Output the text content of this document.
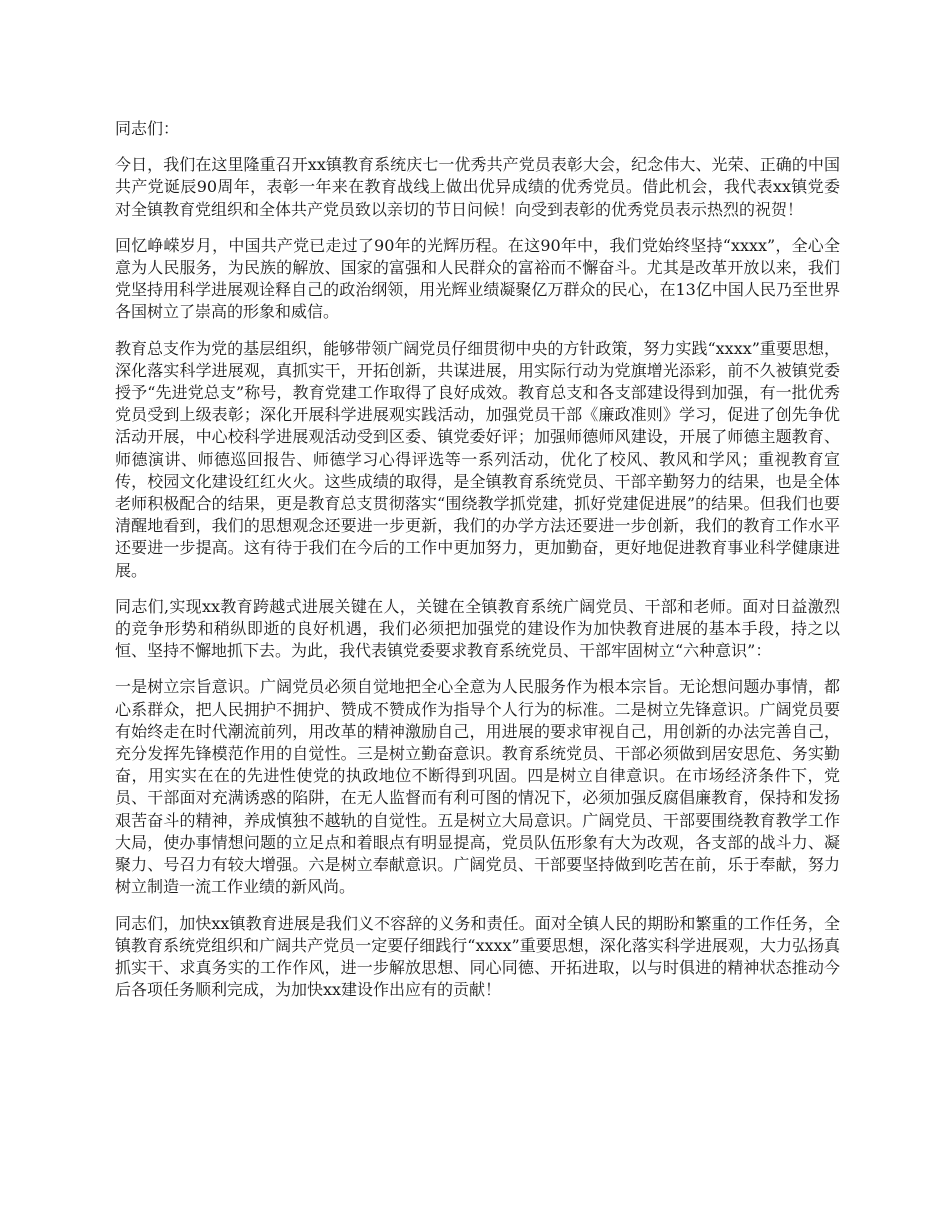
同志们：

今日，我们在这里隆重召开xx镇教育系统庆七一优秀共产党员表彰大会，纪念伟大、光荣、正确的中国共产党诞辰90周年，表彰一年来在教育战线上做出优异成绩的优秀党员。借此机会，我代表xx镇党委对全镇教育党组织和全体共产党员致以亲切的节日问候！向受到表彰的优秀党员表示热烈的祝贺！

回忆峥嵘岁月，中国共产党已走过了90年的光辉历程。在这90年中，我们党始终坚持“xxxx”，全心全意为人民服务，为民族的解放、国家的富强和人民群众的富裕而不懈奋斗。尤其是改革开放以来，我们党坚持用科学进展观诠释自己的政治纲领，用光辉业绩凝聚亿万群众的民心，在13亿中国人民乃至世界各国树立了崇高的形象和威信。

教育总支作为党的基层组织，能够带领广阔党员仔细贯彻中央的方针政策，努力实践“xxxx”重要思想，深化落实科学进展观，真抓实干，开拓创新，共谋进展，用实际行动为党旗增光添彩，前不久被镇党委授予“先进党总支”称号，教育党建工作取得了良好成效。教育总支和各支部建设得到加强，有一批优秀党员受到上级表彰；深化开展科学进展观实践活动，加强党员干部《廉政准则》学习，促进了创先争优活动开展，中心校科学进展观活动受到区委、镇党委好评；加强师德师风建设，开展了师德主题教育、师德演讲、师德巡回报告、师德学习心得评选等一系列活动，优化了校风、教风和学风；重视教育宣传，校园文化建设红红火火。这些成绩的取得，是全镇教育系统党员、干部辛勤努力的结果，也是全体老师积极配合的结果，更是教育总支贯彻落实“围绕教学抓党建，抓好党建促进展”的结果。但我们也要清醒地看到，我们的思想观念还要进一步更新，我们的办学方法还要进一步创新，我们的教育工作水平还要进一步提高。这有待于我们在今后的工作中更加努力，更加勤奋，更好地促进教育事业科学健康进展。

同志们,实现xx教育跨越式进展关键在人，关键在全镇教育系统广阔党员、干部和老师。面对日益激烈的竞争形势和稍纵即逝的良好机遇，我们必须把加强党的建设作为加快教育进展的基本手段，持之以恒、坚持不懈地抓下去。为此，我代表镇党委要求教育系统党员、干部牢固树立“六种意识”：

一是树立宗旨意识。广阔党员必须自觉地把全心全意为人民服务作为根本宗旨。无论想问题办事情，都心系群众，把人民拥护不拥护、赞成不赞成作为指导个人行为的标准。二是树立先锋意识。广阔党员要有始终走在时代潮流前列，用改革的精神激励自己，用进展的要求审视自己，用创新的办法完善自己，充分发挥先锋模范作用的自觉性。三是树立勤奋意识。教育系统党员、干部必须做到居安思危、务实勤奋，用实实在在的先进性使党的执政地位不断得到巩固。四是树立自律意识。在市场经济条件下，党员、干部面对充满诱惑的陷阱，在无人监督而有利可图的情况下，必须加强反腐倡廉教育，保持和发扬艰苦奋斗的精神，养成慎独不越轨的自觉性。五是树立大局意识。广阔党员、干部要围绕教育教学工作大局，使办事情想问题的立足点和着眼点有明显提高，党员队伍形象有大为改观，各支部的战斗力、凝聚力、号召力有较大增强。六是树立奉献意识。广阔党员、干部要坚持做到吃苦在前，乐于奉献，努力树立制造一流工作业绩的新风尚。

同志们，加快xx镇教育进展是我们义不容辞的义务和责任。面对全镇人民的期盼和繁重的工作任务，全镇教育系统党组织和广阔共产党员一定要仔细践行“xxxx”重要思想，深化落实科学进展观，大力弘扬真抓实干、求真务实的工作作风，进一步解放思想、同心同德、开拓进取，以与时俱进的精神状态推动今后各项任务顺利完成，为加快xx建设作出应有的贡献！
